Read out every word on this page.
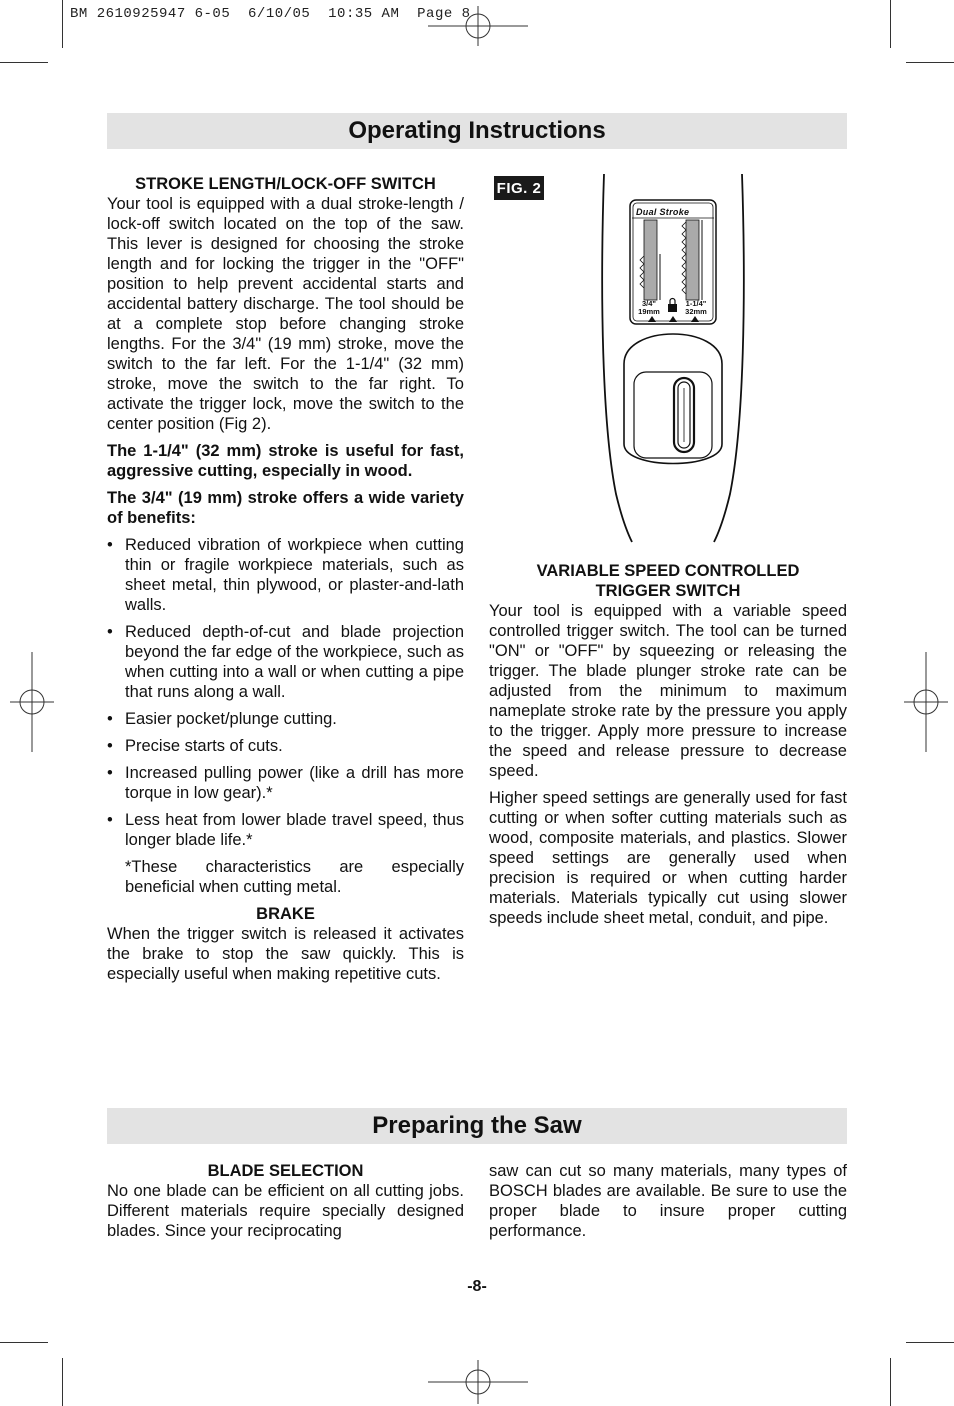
BM 2610925947 6-05  6/10/05  10:35 AM  Page 8
Operating Instructions

STROKE LENGTH/LOCK-OFF SWITCH

Your tool is equipped with a dual stroke-length / lock-off switch located on the top of the saw. This lever is designed for choosing the stroke length and for locking the trigger in the "OFF" position to help prevent accidental starts and accidental battery discharge. The tool should be at a complete stop before changing stroke lengths. For the 3/4" (19 mm) stroke, move the switch to the far left. For the 1-1/4" (32 mm) stroke, move the switch to the far right. To activate the trigger lock, move the switch to the center position (Fig 2).

The 1-1/4" (32 mm) stroke is useful for fast, aggressive cutting, especially in wood.

The 3/4" (19 mm) stroke offers a wide variety of benefits:

• Reduced vibration of workpiece when cutting thin or fragile workpiece materials, such as sheet metal, thin plywood, or plaster-and-lath walls.
• Reduced depth-of-cut and blade projection beyond the far edge of the workpiece, such as when cutting into a wall or when cutting a pipe that runs along a wall.
• Easier pocket/plunge cutting.
• Precise starts of cuts.
• Increased pulling power (like a drill has more torque in low gear).*
• Less heat from lower blade travel speed, thus longer blade life.*
*These characteristics are especially beneficial when cutting metal.

BRAKE

When the trigger switch is released it activates the brake to stop the saw quickly. This is especially useful when making repetitive cuts.

FIG. 2
Dual Stroke
3/4"
19mm
1-1/4"
32mm

VARIABLE SPEED CONTROLLED

TRIGGER SWITCH

Your tool is equipped with a variable speed controlled trigger switch. The tool can be turned "ON" or "OFF" by squeezing or releasing the trigger. The blade plunger stroke rate can be adjusted from the minimum to maximum nameplate stroke rate by the pressure you apply to the trigger. Apply more pressure to increase the speed and release pressure to decrease speed.

Higher speed settings are generally used for fast cutting or when softer cutting materials such as wood, composite materials, and plastics. Slower speed settings are generally used when precision is required or when cutting harder materials. Materials typically cut using slower speeds include sheet metal, conduit, and pipe.

Preparing the Saw

BLADE SELECTION

No one blade can be efficient on all cutting jobs. Different materials require specially designed blades. Since your reciprocating

saw can cut so many materials, many types of BOSCH blades are available. Be sure to use the proper blade to insure proper cutting performance.

-8-
